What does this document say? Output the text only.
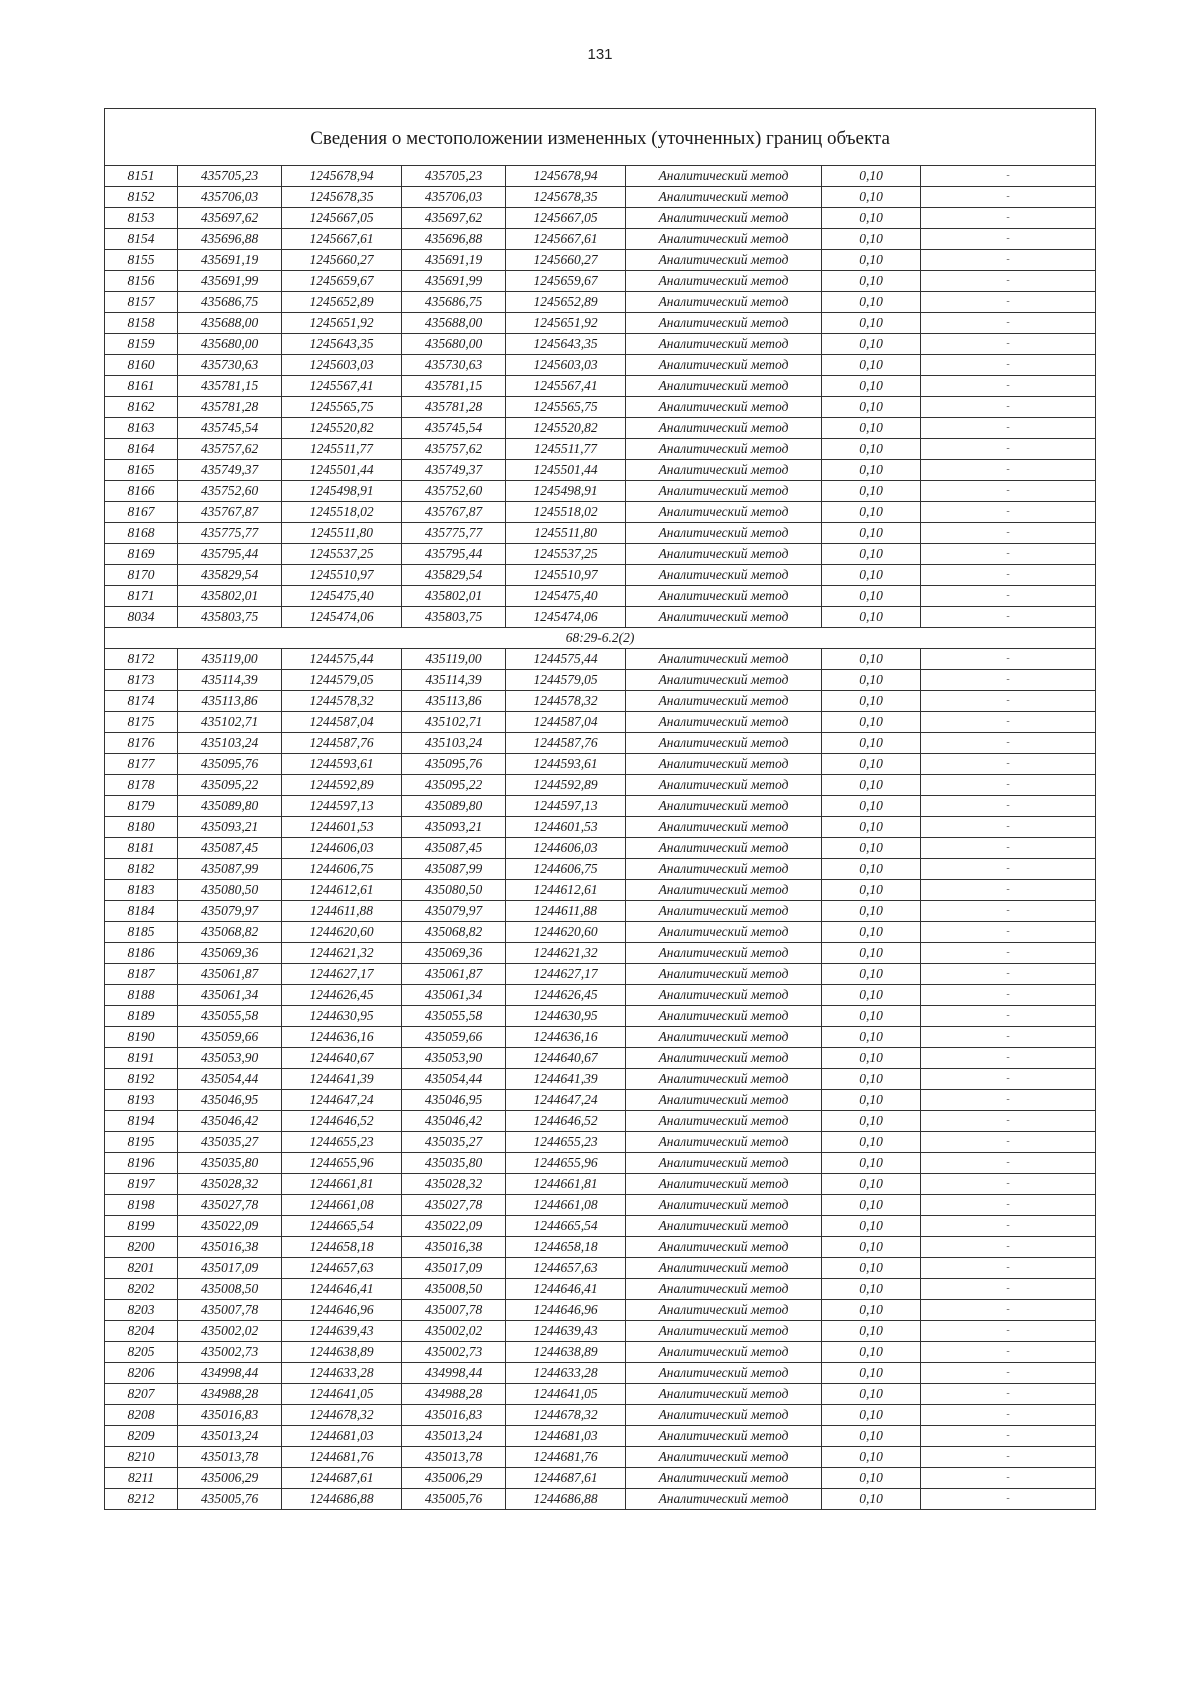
131
Сведения о местоположении измененных (уточненных) границ объекта							
8151	435705,23	1245678,94	435705,23	1245678,94	Аналитический метод	0,10	-
8152	435706,03	1245678,35	435706,03	1245678,35	Аналитический метод	0,10	-
8153	435697,62	1245667,05	435697,62	1245667,05	Аналитический метод	0,10	-
8154	435696,88	1245667,61	435696,88	1245667,61	Аналитический метод	0,10	-
8155	435691,19	1245660,27	435691,19	1245660,27	Аналитический метод	0,10	-
8156	435691,99	1245659,67	435691,99	1245659,67	Аналитический метод	0,10	-
8157	435686,75	1245652,89	435686,75	1245652,89	Аналитический метод	0,10	-
8158	435688,00	1245651,92	435688,00	1245651,92	Аналитический метод	0,10	-
8159	435680,00	1245643,35	435680,00	1245643,35	Аналитический метод	0,10	-
8160	435730,63	1245603,03	435730,63	1245603,03	Аналитический метод	0,10	-
8161	435781,15	1245567,41	435781,15	1245567,41	Аналитический метод	0,10	-
8162	435781,28	1245565,75	435781,28	1245565,75	Аналитический метод	0,10	-
8163	435745,54	1245520,82	435745,54	1245520,82	Аналитический метод	0,10	-
8164	435757,62	1245511,77	435757,62	1245511,77	Аналитический метод	0,10	-
8165	435749,37	1245501,44	435749,37	1245501,44	Аналитический метод	0,10	-
8166	435752,60	1245498,91	435752,60	1245498,91	Аналитический метод	0,10	-
8167	435767,87	1245518,02	435767,87	1245518,02	Аналитический метод	0,10	-
8168	435775,77	1245511,80	435775,77	1245511,80	Аналитический метод	0,10	-
8169	435795,44	1245537,25	435795,44	1245537,25	Аналитический метод	0,10	-
8170	435829,54	1245510,97	435829,54	1245510,97	Аналитический метод	0,10	-
8171	435802,01	1245475,40	435802,01	1245475,40	Аналитический метод	0,10	-
8034	435803,75	1245474,06	435803,75	1245474,06	Аналитический метод	0,10	-
68:29-6.2(2)							
8172	435119,00	1244575,44	435119,00	1244575,44	Аналитический метод	0,10	-
8173	435114,39	1244579,05	435114,39	1244579,05	Аналитический метод	0,10	-
8174	435113,86	1244578,32	435113,86	1244578,32	Аналитический метод	0,10	-
8175	435102,71	1244587,04	435102,71	1244587,04	Аналитический метод	0,10	-
8176	435103,24	1244587,76	435103,24	1244587,76	Аналитический метод	0,10	-
8177	435095,76	1244593,61	435095,76	1244593,61	Аналитический метод	0,10	-
8178	435095,22	1244592,89	435095,22	1244592,89	Аналитический метод	0,10	-
8179	435089,80	1244597,13	435089,80	1244597,13	Аналитический метод	0,10	-
8180	435093,21	1244601,53	435093,21	1244601,53	Аналитический метод	0,10	-
8181	435087,45	1244606,03	435087,45	1244606,03	Аналитический метод	0,10	-
8182	435087,99	1244606,75	435087,99	1244606,75	Аналитический метод	0,10	-
8183	435080,50	1244612,61	435080,50	1244612,61	Аналитический метод	0,10	-
8184	435079,97	1244611,88	435079,97	1244611,88	Аналитический метод	0,10	-
8185	435068,82	1244620,60	435068,82	1244620,60	Аналитический метод	0,10	-
8186	435069,36	1244621,32	435069,36	1244621,32	Аналитический метод	0,10	-
8187	435061,87	1244627,17	435061,87	1244627,17	Аналитический метод	0,10	-
8188	435061,34	1244626,45	435061,34	1244626,45	Аналитический метод	0,10	-
8189	435055,58	1244630,95	435055,58	1244630,95	Аналитический метод	0,10	-
8190	435059,66	1244636,16	435059,66	1244636,16	Аналитический метод	0,10	-
8191	435053,90	1244640,67	435053,90	1244640,67	Аналитический метод	0,10	-
8192	435054,44	1244641,39	435054,44	1244641,39	Аналитический метод	0,10	-
8193	435046,95	1244647,24	435046,95	1244647,24	Аналитический метод	0,10	-
8194	435046,42	1244646,52	435046,42	1244646,52	Аналитический метод	0,10	-
8195	435035,27	1244655,23	435035,27	1244655,23	Аналитический метод	0,10	-
8196	435035,80	1244655,96	435035,80	1244655,96	Аналитический метод	0,10	-
8197	435028,32	1244661,81	435028,32	1244661,81	Аналитический метод	0,10	-
8198	435027,78	1244661,08	435027,78	1244661,08	Аналитический метод	0,10	-
8199	435022,09	1244665,54	435022,09	1244665,54	Аналитический метод	0,10	-
8200	435016,38	1244658,18	435016,38	1244658,18	Аналитический метод	0,10	-
8201	435017,09	1244657,63	435017,09	1244657,63	Аналитический метод	0,10	-
8202	435008,50	1244646,41	435008,50	1244646,41	Аналитический метод	0,10	-
8203	435007,78	1244646,96	435007,78	1244646,96	Аналитический метод	0,10	-
8204	435002,02	1244639,43	435002,02	1244639,43	Аналитический метод	0,10	-
8205	435002,73	1244638,89	435002,73	1244638,89	Аналитический метод	0,10	-
8206	434998,44	1244633,28	434998,44	1244633,28	Аналитический метод	0,10	-
8207	434988,28	1244641,05	434988,28	1244641,05	Аналитический метод	0,10	-
8208	435016,83	1244678,32	435016,83	1244678,32	Аналитический метод	0,10	-
8209	435013,24	1244681,03	435013,24	1244681,03	Аналитический метод	0,10	-
8210	435013,78	1244681,76	435013,78	1244681,76	Аналитический метод	0,10	-
8211	435006,29	1244687,61	435006,29	1244687,61	Аналитический метод	0,10	-
8212	435005,76	1244686,88	435005,76	1244686,88	Аналитический метод	0,10	-
